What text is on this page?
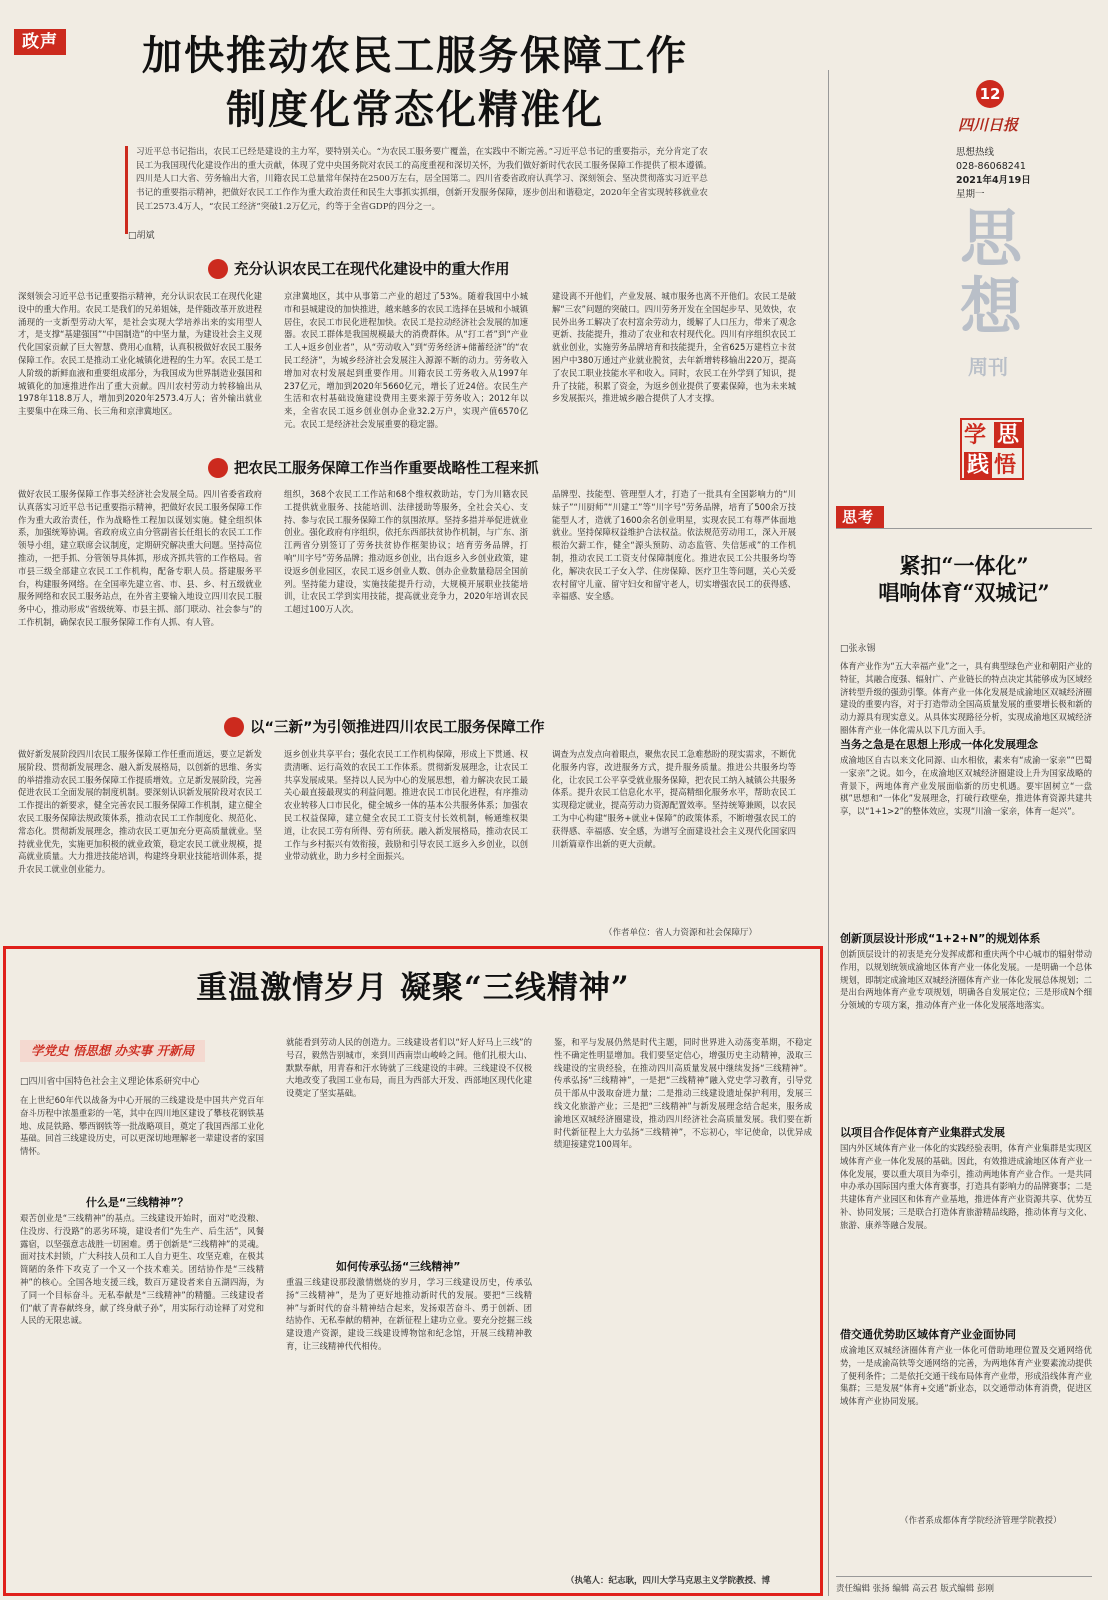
政声	加快推动农民工服务保障工作
制度化常态化精准化
习近平总书记指出，农民工已经是建设的主力军，要特别关心。“为农民工服务要广覆盖，在实践中不断完善。”习近平总书记的重要指示，充分肯定了农民工为我国现代化建设作出的重大贡献，体现了党中央国务院对农民工的高度重视和深切关怀，为我们做好新时代农民工服务保障工作提供了根本遵循。四川是人口大省、劳务输出大省，川籍农民工总量常年保持在2500万左右，居全国第二。四川省委省政府认真学习、深刻领会、坚决贯彻落实习近平总书记的重要指示精神，把做好农民工工作作为重大政治责任和民生大事抓实抓细，创新开发服务保障，逐步创出和谐稳定，2020年全省实现转移就业农民工2573.4万人，“农民工经济”突破1.2万亿元，约等于全省GDP的四分之一。
□胡斌
充分认识农民工在现代化建设中的重大作用
深刻领会习近平总书记重要指示精神，充分认识农民工在现代化建设中的重大作用。农民工是我们的兄弟姐妹，是伴随改革开放进程涌现的一支新型劳动大军，是社会实现大学培养出来的实用型人才，是支撑“基建强国”“中国制造”的中坚力量，为建设社会主义现代化国家贡献了巨大智慧、费用心血精，认真积极做好农民工服务保障工作。农民工是推动工业化城镇化进程的生力军。农民工是工人阶级的新鲜血液和重要组成部分，为我国成为世界制造业强国和城镇化的加速推进作出了重大贡献。四川农村劳动力转移输出从1978年118.8万人，增加到2020年2573.4万人；省外输出就业主要集中在珠三角、长三角和京津冀地区。
京津冀地区，其中从事第二产业的超过了53%。随着我国中小城市和县城建设的加快推进，越来越多的农民工选择在县城和小城镇居住，农民工市民化进程加快。农民工是拉动经济社会发展的加速器。农民工群体是我国规模最大的消费群体。从“打工者”到“产业工人+返乡创业者”，从“劳动收入”到“劳务经济+储蓄经济”的“农民工经济”，为城乡经济社会发展注入源源不断的动力。劳务收入增加对农村发展起到重要作用。川籍农民工劳务收入从1997年237亿元，增加到2020年5660亿元，增长了近24倍。农民生产生活和农村基础设施建设费用主要来源于劳务收入；2012年以来，全省农民工返乡创业创办企业32.2万户，实现产值6570亿元。农民工是经济社会发展重要的稳定器。
建设离不开他们，产业发展、城市服务也离不开他们。农民工是破解“三农”问题的突破口。四川劳务开发在全国起步早、见效快，农民外出务工解决了农村富余劳动力，缓解了人口压力，带来了观念更新、技能提升，推动了农业和农村现代化。四川有序组织农民工就业创业，实施劳务品牌培育和技能提升，全省625万建档立卡贫困户中380万通过产业就业脱贫，去年新增转移输出220万，提高了农民工职业技能水平和收入。同时，农民工在外学到了知识，提升了技能，积累了资金，为返乡创业提供了要素保障，也为未来城乡发展振兴，推进城乡融合提供了人才支撑。
把农民工服务保障工作当作重要战略性工程来抓
做好农民工服务保障工作事关经济社会发展全局。四川省委省政府认真落实习近平总书记重要指示精神，把做好农民工服务保障工作作为重大政治责任，作为战略性工程加以谋划实施。健全组织体系，加强统筹协调。省政府成立由分管副省长任组长的农民工工作领导小组，建立联席会议制度，定期研究解决重大问题。坚持高位推动，一把手抓、分管领导具体抓，形成齐抓共管的工作格局。省市县三级全部建立农民工工作机构，配备专职人员。搭建服务平台，构建服务网络。在全国率先建立省、市、县、乡、村五级就业服务网络和农民工服务站点，在外省主要输入地设立四川农民工服务中心，推动形成“省级统筹、市县主抓、部门联动、社会参与”的工作机制，确保农民工服务保障工作有人抓、有人管。
组织，368个农民工工作站和68个维权救助站，专门为川籍农民工提供就业服务、技能培训、法律援助等服务，全社会关心、支持、参与农民工服务保障工作的氛围浓厚。坚持多措并举促进就业创业。强化政府有序组织，依托东西部扶贫协作机制，与广东、浙江两省分别签订了劳务扶贫协作框架协议；培育劳务品牌，打响“川字号”劳务品牌；推动返乡创业，出台返乡入乡创业政策，建设返乡创业园区，农民工返乡创业人数、创办企业数量稳居全国前列。坚持能力建设，实施技能提升行动，大规模开展职业技能培训，让农民工学到实用技能，提高就业竞争力，2020年培训农民工超过100万人次。
品牌型、技能型、管理型人才，打造了一批具有全国影响力的“川妹子”“川厨师”“川建工”等“川字号”劳务品牌，培育了500余万技能型人才，造就了1600余名创业明星，实现农民工有尊严体面地就业。坚持保障权益维护合法权益。依法规范劳动用工，深入开展根治欠薪工作，健全“源头预防、动态监管、失信惩戒”的工作机制，推动农民工工资支付保障制度化。推进农民工公共服务均等化，解决农民工子女入学、住房保障、医疗卫生等问题，关心关爱农村留守儿童、留守妇女和留守老人，切实增强农民工的获得感、幸福感、安全感。
以“三新”为引领推进四川农民工服务保障工作
做好新发展阶段四川农民工服务保障工作任重而道远，要立足新发展阶段、贯彻新发展理念、融入新发展格局，以创新的思维、务实的举措推动农民工服务保障工作提质增效。立足新发展阶段，完善促进农民工全面发展的制度机制。要深刻认识新发展阶段对农民工工作提出的新要求，健全完善农民工服务保障工作机制，建立健全农民工服务保障法规政策体系，推动农民工工作制度化、规范化、常态化。贯彻新发展理念，推动农民工更加充分更高质量就业。坚持就业优先，实施更加积极的就业政策，稳定农民工就业规模，提高就业质量。大力推进技能培训，构建终身职业技能培训体系，提升农民工就业创业能力。
返乡创业共享平台；强化农民工工作机构保障，形成上下贯通、权责清晰、运行高效的农民工工作体系。贯彻新发展理念，让农民工共享发展成果。坚持以人民为中心的发展思想，着力解决农民工最关心最直接最现实的利益问题。推进农民工市民化进程，有序推动农业转移人口市民化，健全城乡一体的基本公共服务体系；加强农民工权益保障，建立健全农民工工资支付长效机制，畅通维权渠道，让农民工劳有所得、劳有所获。融入新发展格局，推动农民工工作与乡村振兴有效衔接，鼓励和引导农民工返乡入乡创业，以创业带动就业，助力乡村全面振兴。
调查为点发点向着眼点，聚焦农民工急难愁盼的现实需求，不断优化服务内容，改进服务方式，提升服务质量。推进公共服务均等化，让农民工公平享受就业服务保障，把农民工纳入城镇公共服务体系。提升农民工信息化水平，提高精细化服务水平，帮助农民工实现稳定就业，提高劳动力资源配置效率。坚持统筹兼顾，以农民工为中心构建“服务+就业+保障”的政策体系，不断增强农民工的获得感、幸福感、安全感，为谱写全面建设社会主义现代化国家四川新篇章作出新的更大贡献。
（作者单位：省人力资源和社会保障厅）
12
四川日报
思想热线
028-86068241
2021年4月19日
星期一
思
想
周刊
学 思
践 悟
思考
紧扣“一体化”
唱响体育“双城记”
□张永锡
体育产业作为“五大幸福产业”之一，具有典型绿色产业和朝阳产业的特征，其融合度强、辐射广、产业链长的特点决定其能够成为区域经济转型升级的强劲引擎。体育产业一体化发展是成渝地区双城经济圈建设的重要内容，对于打造带动全国高质量发展的重要增长极和新的动力源具有现实意义。从具体实现路径分析，实现成渝地区双城经济圈体育产业一体化需从以下几方面入手。
当务之急是在思想上形成一体化发展理念
成渝地区自古以来文化同源、山水相依，素来有“成渝一家亲”“巴蜀一家亲”之说。如今，在成渝地区双城经济圈建设上升为国家战略的背景下，两地体育产业发展面临新的历史机遇。要牢固树立“一盘棋”思想和“一体化”发展理念，打破行政壁垒，推进体育资源共建共享，以“1+1>2”的整体效应，实现“川渝一家亲，体育一起兴”。
创新顶层设计形成“1+2+N”的规划体系
创新顶层设计的初衷是充分发挥成都和重庆两个中心城市的辐射带动作用，以规划统领成渝地区体育产业一体化发展。一是明确一个总体规划，即制定成渝地区双城经济圈体育产业一体化发展总体规划；二是出台两地体育产业专项规划，明确各自发展定位；三是形成N个细分领域的专项方案，推动体育产业一体化发展落地落实。
以项目合作促体育产业集群式发展
国内外区域体育产业一体化的实践经验表明，体育产业集群是实现区域体育产业一体化发展的基础。因此，有效推进成渝地区体育产业一体化发展，要以重大项目为牵引，推动两地体育产业合作。一是共同申办承办国际国内重大体育赛事，打造具有影响力的品牌赛事；二是共建体育产业园区和体育产业基地，推进体育产业资源共享、优势互补、协同发展；三是联合打造体育旅游精品线路，推动体育与文化、旅游、康养等融合发展。
借交通优势助区域体育产业金面协同
成渝地区双城经济圈体育产业一体化可借助地理位置及交通网络优势，一是成渝高铁等交通网络的完善，为两地体育产业要素流动提供了便利条件；二是依托交通干线布局体育产业带，形成沿线体育产业集群；三是发展“体育+交通”新业态，以交通带动体育消费，促进区域体育产业协同发展。
（作者系成都体育学院经济管理学院教授）
责任编辑 张扬 编辑 高云君 版式编辑 彭刚
重温激情岁月 凝聚“三线精神”
学党史 悟思想 办实事 开新局
□四川省中国特色社会主义理论体系研究中心
在上世纪60年代以战备为中心开展的三线建设是中国共产党百年奋斗历程中浓墨重彩的一笔，其中在四川地区建设了攀枝花钢铁基地、成昆铁路、攀西钢铁等一批战略项目，奠定了我国西部工业化基础。回首三线建设历史，可以更深切地理解老一辈建设者的家国情怀。
什么是“三线精神”？
艰苦创业是“三线精神”的基点。三线建设开始时，面对“吃没粮、住没房、行没路”的恶劣环境，建设者们“先生产、后生活”，风餐露宿，以坚强意志战胜一切困难。勇于创新是“三线精神”的灵魂。面对技术封锁，广大科技人员和工人自力更生、攻坚克难，在极其简陋的条件下攻克了一个又一个技术难关。团结协作是“三线精神”的核心。全国各地支援三线，数百万建设者来自五湖四海，为了同一个目标奋斗。无私奉献是“三线精神”的精髓。三线建设者们“献了青春献终身，献了终身献子孙”，用实际行动诠释了对党和人民的无限忠诚。
就能看到劳动人民的创造力。三线建设者们以“好人好马上三线”的号召，毅然告别城市，来到川西南崇山峻岭之间。他们扎根大山、默默奉献，用青春和汗水铸就了三线建设的丰碑。三线建设不仅极大地改变了我国工业布局，而且为西部大开发、西部地区现代化建设奠定了坚实基础。
如何传承弘扬“三线精神”
重温三线建设那段激情燃烧的岁月，学习三线建设历史，传承弘扬“三线精神”，是为了更好地推动新时代的发展。要把“三线精神”与新时代的奋斗精神结合起来，发扬艰苦奋斗、勇于创新、团结协作、无私奉献的精神，在新征程上建功立业。要充分挖掘三线建设遗产资源，建设三线建设博物馆和纪念馆，开展三线精神教育，让三线精神代代相传。
鉴，和平与发展仍然是时代主题，同时世界进入动荡变革期，不稳定性不确定性明显增加。我们要坚定信心，增强历史主动精神，汲取三线建设的宝贵经验，在推动四川高质量发展中继续发扬“三线精神”。传承弘扬“三线精神”，一是把“三线精神”融入党史学习教育，引导党员干部从中汲取奋进力量；二是推动三线建设遗址保护利用，发展三线文化旅游产业；三是把“三线精神”与新发展理念结合起来，服务成渝地区双城经济圈建设，推动四川经济社会高质量发展。我们要在新时代新征程上大力弘扬“三线精神”，不忘初心，牢记使命，以优异成绩迎接建党100周年。
（执笔人：纪志耿，四川大学马克思主义学院教授、博
